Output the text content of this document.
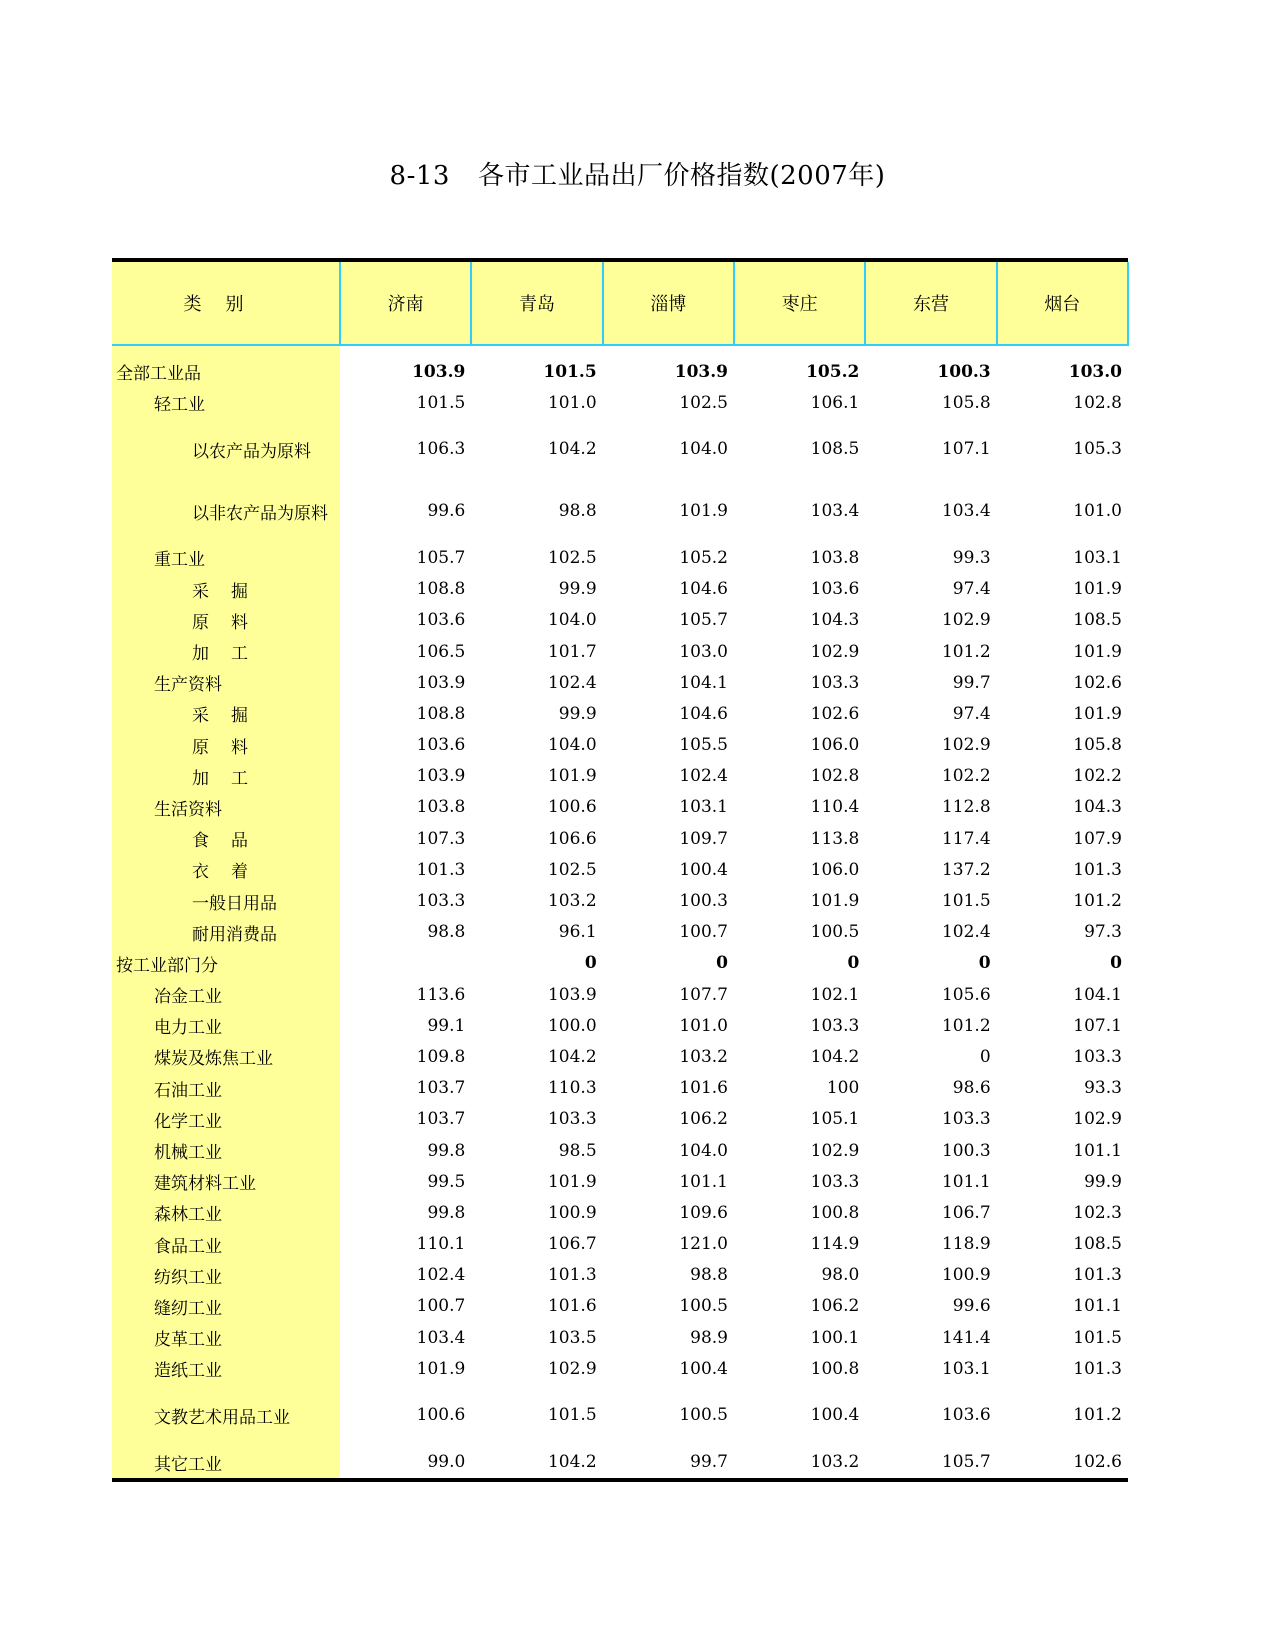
8-13 各市工业品出厂价格指数(2007年)
类别	济南	青岛	淄博	枣庄	东营	烟台
全部工业品	103.9	101.5	103.9	105.2	100.3	103.0
轻工业	101.5	101.0	102.5	106.1	105.8	102.8
以农产品为原料	106.3	104.2	104.0	108.5	107.1	105.3
以非农产品为原料	99.6	98.8	101.9	103.4	103.4	101.0
重工业	105.7	102.5	105.2	103.8	99.3	103.1
采掘	108.8	99.9	104.6	103.6	97.4	101.9
原料	103.6	104.0	105.7	104.3	102.9	108.5
加工	106.5	101.7	103.0	102.9	101.2	101.9
生产资料	103.9	102.4	104.1	103.3	99.7	102.6
采掘	108.8	99.9	104.6	102.6	97.4	101.9
原料	103.6	104.0	105.5	106.0	102.9	105.8
加工	103.9	101.9	102.4	102.8	102.2	102.2
生活资料	103.8	100.6	103.1	110.4	112.8	104.3
食品	107.3	106.6	109.7	113.8	117.4	107.9
衣着	101.3	102.5	100.4	106.0	137.2	101.3
一般日用品	103.3	103.2	100.3	101.9	101.5	101.2
耐用消费品	98.8	96.1	100.7	100.5	102.4	97.3
按工业部门分		0	0	0	0	0
冶金工业	113.6	103.9	107.7	102.1	105.6	104.1
电力工业	99.1	100.0	101.0	103.3	101.2	107.1
煤炭及炼焦工业	109.8	104.2	103.2	104.2	0	103.3
石油工业	103.7	110.3	101.6	100	98.6	93.3
化学工业	103.7	103.3	106.2	105.1	103.3	102.9
机械工业	99.8	98.5	104.0	102.9	100.3	101.1
建筑材料工业	99.5	101.9	101.1	103.3	101.1	99.9
森林工业	99.8	100.9	109.6	100.8	106.7	102.3
食品工业	110.1	106.7	121.0	114.9	118.9	108.5
纺织工业	102.4	101.3	98.8	98.0	100.9	101.3
缝纫工业	100.7	101.6	100.5	106.2	99.6	101.1
皮革工业	103.4	103.5	98.9	100.1	141.4	101.5
造纸工业	101.9	102.9	100.4	100.8	103.1	101.3
文教艺术用品工业	100.6	101.5	100.5	100.4	103.6	101.2
其它工业	99.0	104.2	99.7	103.2	105.7	102.6
